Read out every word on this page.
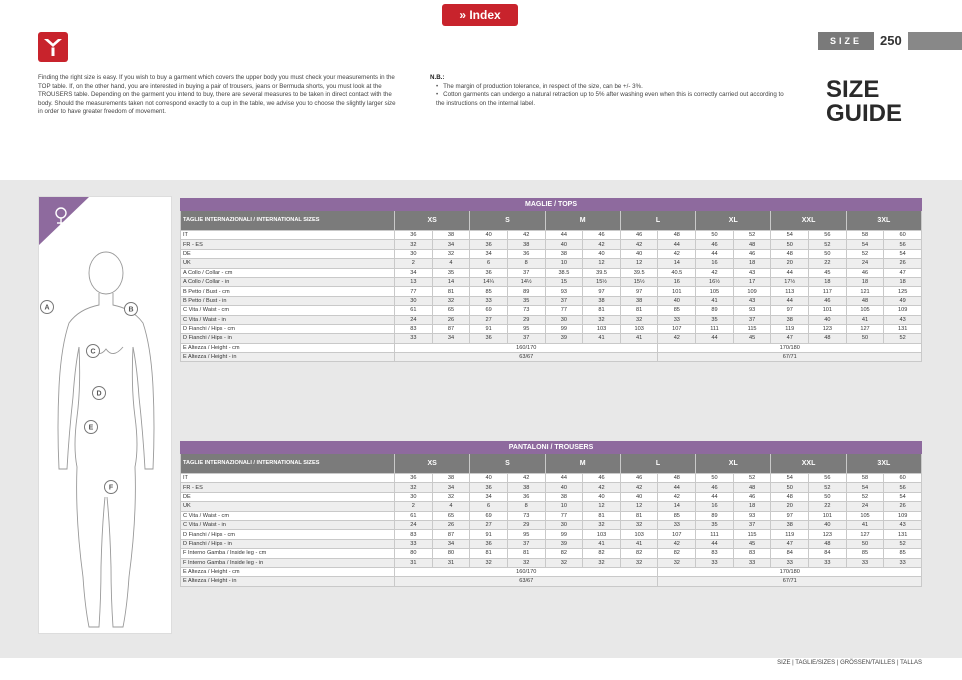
» Index
SIZE	250
SIZE
GUIDE

Finding the right size is easy. If you wish to buy a garment which covers the upper body you must check your measurements in the TOP table. If, on the other hand, you are interested in buying a pair of trousers, jeans or Bermuda shorts, you must look at the TROUSERS table. Depending on the garment you intend to buy, there are several measures to be taken in direct contact with the body. Should the measurements taken not correspond exactly to a cup in the table, we advise you to choose the slightly larger size in order to have greater freedom of movement.

N.B.:
• The margin of production tolerance, in respect of the size, can be +/- 3%.
• Cotton garments can undergo a natural retraction up to 5% after washing even when this is correctly carried out according to the instructions on the internal label.
A	B
C
D
E
F
MAGLIE / TOPS														
TAGLIE INTERNAZIONALI / INTERNATIONAL SIZES	XS		S		M		L		XL		XXL		3XL	
IT	36	38	40	42	44	46	46	48	50	52	54	56	58	60
FR - ES	32	34	36	38	40	42	42	44	46	48	50	52	54	56
DE	30	32	34	36	38	40	40	42	44	46	48	50	52	54
UK	2	4	6	8	10	12	12	14	16	18	20	22	24	26
A Collo / Collar - cm	34	35	36	37	38.5	39.5	39.5	40.5	42	43	44	45	46	47
A Collo / Collar - in	13	14	14¼	14½	15	15½	15½	16	16½	17	17½	18	18	18
B Petto / Bust - cm	77	81	85	89	93	97	97	101	105	109	113	117	121	125
B Petto / Bust - in	30	32	33	35	37	38	38	40	41	43	44	46	48	49
C Vita / Waist - cm	61	65	69	73	77	81	81	85	89	93	97	101	105	109
C Vita / Waist - in	24	26	27	29	30	32	32	33	35	37	38	40	41	43
D Fianchi / Hips - cm	83	87	91	95	99	103	103	107	111	115	119	123	127	131
D Fianchi / Hips - in	33	34	36	37	39	41	41	42	44	45	47	48	50	52
E Altezza / Height - cm	160/170							170/180						
E Altezza / Height - in	63/67							67/71						
PANTALONI / TROUSERS														
TAGLIE INTERNAZIONALI / INTERNATIONAL SIZES	XS		S		M		L		XL		XXL		3XL	
IT	36	38	40	42	44	46	46	48	50	52	54	56	58	60
FR - ES	32	34	36	38	40	42	42	44	46	48	50	52	54	56
DE	30	32	34	36	38	40	40	42	44	46	48	50	52	54
UK	2	4	6	8	10	12	12	14	16	18	20	22	24	26
C Vita / Waist - cm	61	65	69	73	77	81	81	85	89	93	97	101	105	109
C Vita / Waist - in	24	26	27	29	30	32	32	33	35	37	38	40	41	43
D Fianchi / Hips - cm	83	87	91	95	99	103	103	107	111	115	119	123	127	131
D Fianchi / Hips - in	33	34	36	37	39	41	41	42	44	45	47	48	50	52
F Interno Gamba / Inside leg - cm	80	80	81	81	82	82	82	82	83	83	84	84	85	85
F Interno Gamba / Inside leg - in	31	31	32	32	32	32	32	32	33	33	33	33	33	33
E Altezza / Height - cm	160/170							170/180						
E Altezza / Height - in	63/67							67/71						
SIZE | TAGLIE/SIZES | GRÖSSEN/TAILLES | TALLAS
